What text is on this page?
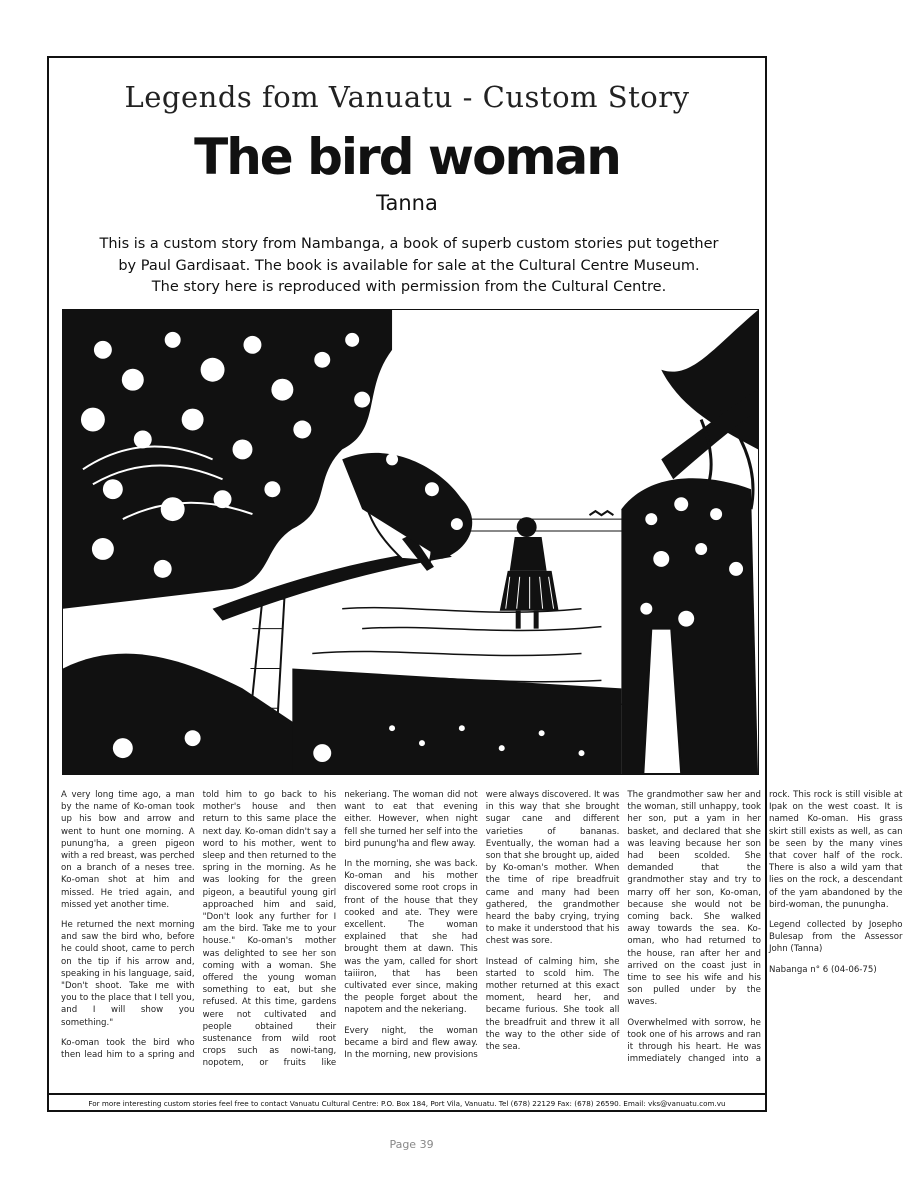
Legends fom Vanuatu - Custom Story
The bird woman
Tanna

This is a custom story from Nambanga, a book of superb custom stories put together

by Paul Gardisaat. The book is available for sale at the Cultural Centre Museum.

The story here is reproduced with permission from the Cultural Centre.

A very long time ago, a man by the name of Ko-oman took up his bow and arrow and went to hunt one morning. A punung'ha, a green pigeon with a red breast, was perched on a branch of a neses tree. Ko-oman shot at him and missed. He tried again, and missed yet another time.

He returned the next morning and saw the bird who, before he could shoot, came to perch on the tip if his arrow and, speaking in his language, said, "Don't shoot. Take me with you to the place that I tell you, and I will show you something."

Ko-oman took the bird who then lead him to a spring and told him to go back to his mother's house and then return to this same place the next day. Ko-oman didn't say a word to his mother, went to sleep and then returned to the spring in the morning. As he was looking for the green pigeon, a beautiful young girl approached him and said, "Don't look any further for I am the bird. Take me to your house." Ko-oman's mother was delighted to see her son coming with a woman. She offered the young woman something to eat, but she refused. At this time, gardens were not cultivated and people obtained their sustenance from wild root crops such as nowi-tang, nopotem, or fruits like nekeriang. The woman did not want to eat that evening either. However, when night fell she turned her self into the bird punung'ha and flew away.

In the morning, she was back. Ko-oman and his mother discovered some root crops in front of the house that they cooked and ate. They were excellent. The woman explained that she had brought them at dawn. This was the yam, called for short taiiiron, that has been cultivated ever since, making the people forget about the napotem and the nekeriang.

Every night, the woman became a bird and flew away. In the morning, new provisions were always discovered. It was in this way that she brought sugar cane and different varieties of bananas. Eventually, the woman had a son that she brought up, aided by Ko-oman's mother. When the time of ripe breadfruit came and many had been gathered, the grandmother heard the baby crying, trying to make it understood that his chest was sore.

Instead of calming him, she started to scold him. The mother returned at this exact moment, heard her, and became furious. She took all the breadfruit and threw it all the way to the other side of the sea.

The grandmother saw her and the woman, still unhappy, took her son, put a yam in her basket, and declared that she was leaving because her son had been scolded. She demanded that the grandmother stay and try to marry off her son, Ko-oman, because she would not be coming back. She walked away towards the sea. Ko-oman, who had returned to the house, ran after her and arrived on the coast just in time to see his wife and his son pulled under by the waves.

Overwhelmed with sorrow, he took one of his arrows and ran it through his heart. He was immediately changed into a rock. This rock is still visible at Ipak on the west coast. It is named Ko-oman. His grass skirt still exists as well, as can be seen by the many vines that cover half of the rock. There is also a wild yam that lies on the rock, a descendant of the yam abandoned by the bird-woman, the punungha.

Legend collected by Josepho Bulesap from the Assessor John (Tanna)

Nabanga n° 6 (04-06-75)

For more interesting custom stories feel free to contact Vanuatu Cultural Centre: P.O. Box 184, Port Vila, Vanuatu. Tel (678) 22129 Fax: (678) 26590. Email: vks@vanuatu.com.vu
Page 39
